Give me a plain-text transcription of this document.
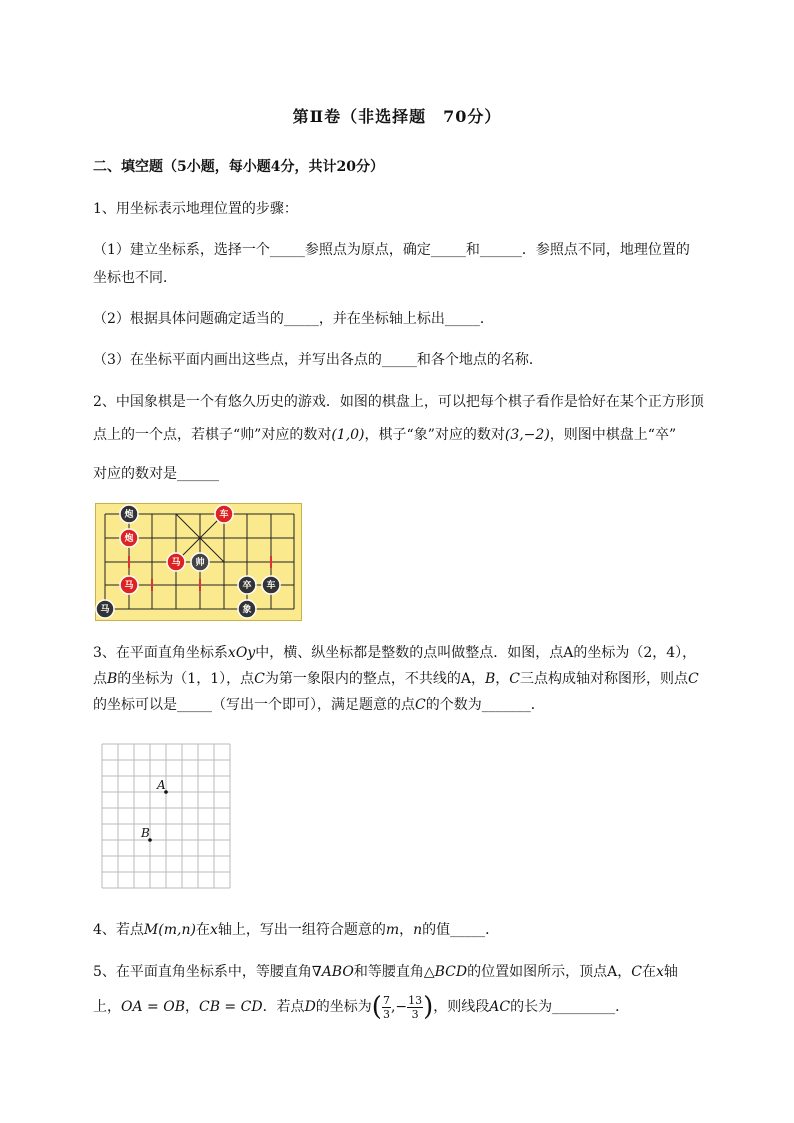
第Ⅱ卷（非选择题　70分）
二、填空题（5小题，每小题4分，共计20分）
1、用坐标表示地理位置的步骤：
（1）建立坐标系，选择一个_____参照点为原点，确定_____和______．参照点不同，地理位置的
坐标也不同．
（2）根据具体问题确定适当的_____，并在坐标轴上标出_____．
（3）在坐标平面内画出这些点，并写出各点的_____和各个地点的名称．
2、中国象棋是一个有悠久历史的游戏．如图的棋盘上，可以把每个棋子看作是恰好在某个正方形顶
点上的一个点，若棋子“帅”对应的数对(1,0)，棋子“象”对应的数对(3,−2)，则图中棋盘上“卒”
对应的数对是______
炮	车
炮
马 帅
马	卒 车
象
马
3、在平面直角坐标系xOy中，横、纵坐标都是整数的点叫做整点．如图，点A的坐标为（2，4），
点B的坐标为（1，1），点C为第一象限内的整点，不共线的A，B，C三点构成轴对称图形，则点C
的坐标可以是_____（写出一个即可），满足题意的点C的个数为_______．
A
B
4、若点M(m,n)在x轴上，写出一组符合题意的m，n的值_____．
5、在平面直角坐标系中，等腰直角∇ABO和等腰直角△BCD的位置如图所示，顶点A，C在x轴
上，OA = OB，CB = CD．若点D的坐标为( $\frac{7}{3}$ ,− $\frac{13}{3}$ )，则线段AC的长为_________．
